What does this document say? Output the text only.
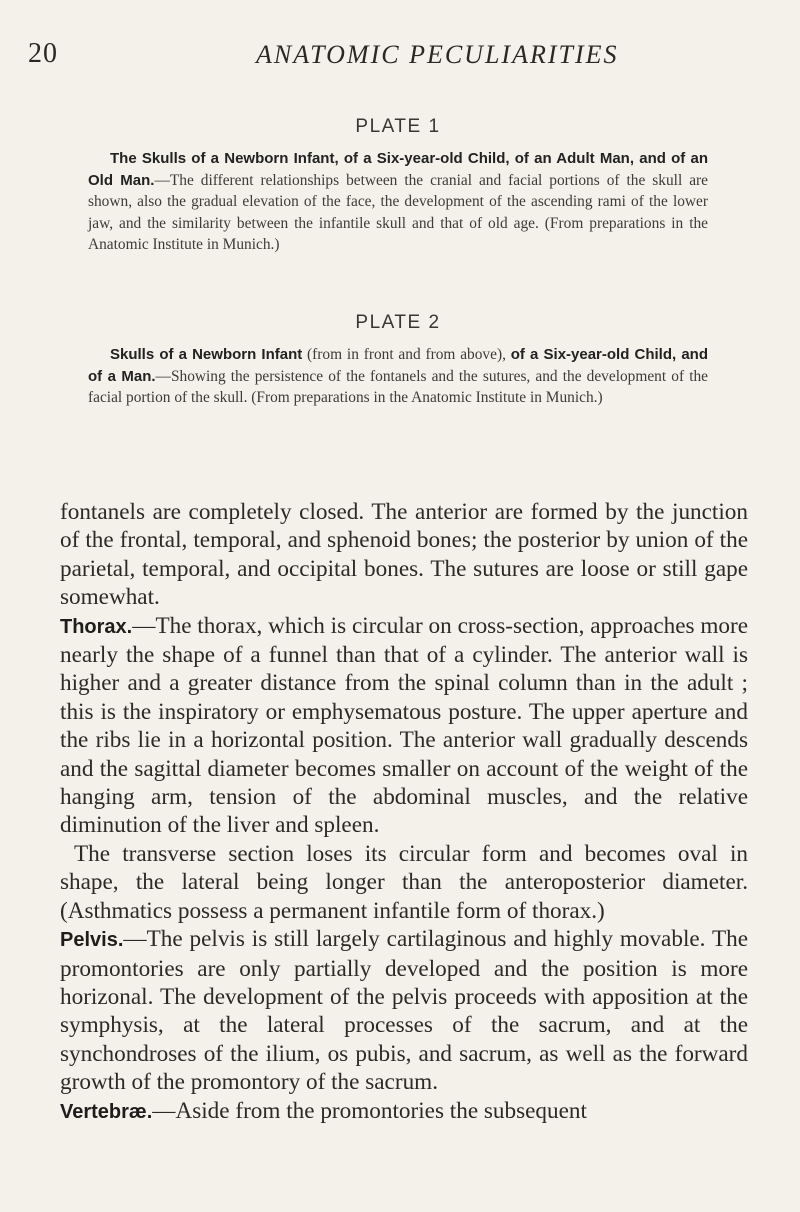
20	ANATOMIC PECULIARITIES
PLATE 1
The Skulls of a Newborn Infant, of a Six-year-old Child, of an Adult Man, and of an Old Man.—The different relationships between the cranial and facial portions of the skull are shown, also the gradual elevation of the face, the development of the ascending rami of the lower jaw, and the similarity between the infantile skull and that of old age. (From preparations in the Anatomic Institute in Munich.)
PLATE 2
Skulls of a Newborn Infant (from in front and from above), of a Six-year-old Child, and of a Man.—Showing the persistence of the fontanels and the sutures, and the development of the facial portion of the skull. (From preparations in the Anatomic Institute in Munich.)

fontanels are completely closed. The anterior are formed by the junction of the frontal, temporal, and sphenoid bones; the posterior by union of the parietal, temporal, and occipital bones. The sutures are loose or still gape somewhat.

Thorax.—The thorax, which is circular on cross-section, approaches more nearly the shape of a funnel than that of a cylinder. The anterior wall is higher and a greater distance from the spinal column than in the adult ; this is the inspiratory or emphysematous posture. The upper aperture and the ribs lie in a horizontal position. The anterior wall gradually descends and the sagittal diameter becomes smaller on account of the weight of the hanging arm, tension of the abdominal muscles, and the relative diminution of the liver and spleen.

The transverse section loses its circular form and becomes oval in shape, the lateral being longer than the anteroposterior diameter. (Asthmatics possess a permanent infantile form of thorax.)

Pelvis.—The pelvis is still largely cartilaginous and highly movable. The promontories are only partially developed and the position is more horizonal. The development of the pelvis proceeds with apposition at the symphysis, at the lateral processes of the sacrum, and at the synchondroses of the ilium, os pubis, and sacrum, as well as the forward growth of the promontory of the sacrum.

Vertebræ.—Aside from the promontories the subsequent
